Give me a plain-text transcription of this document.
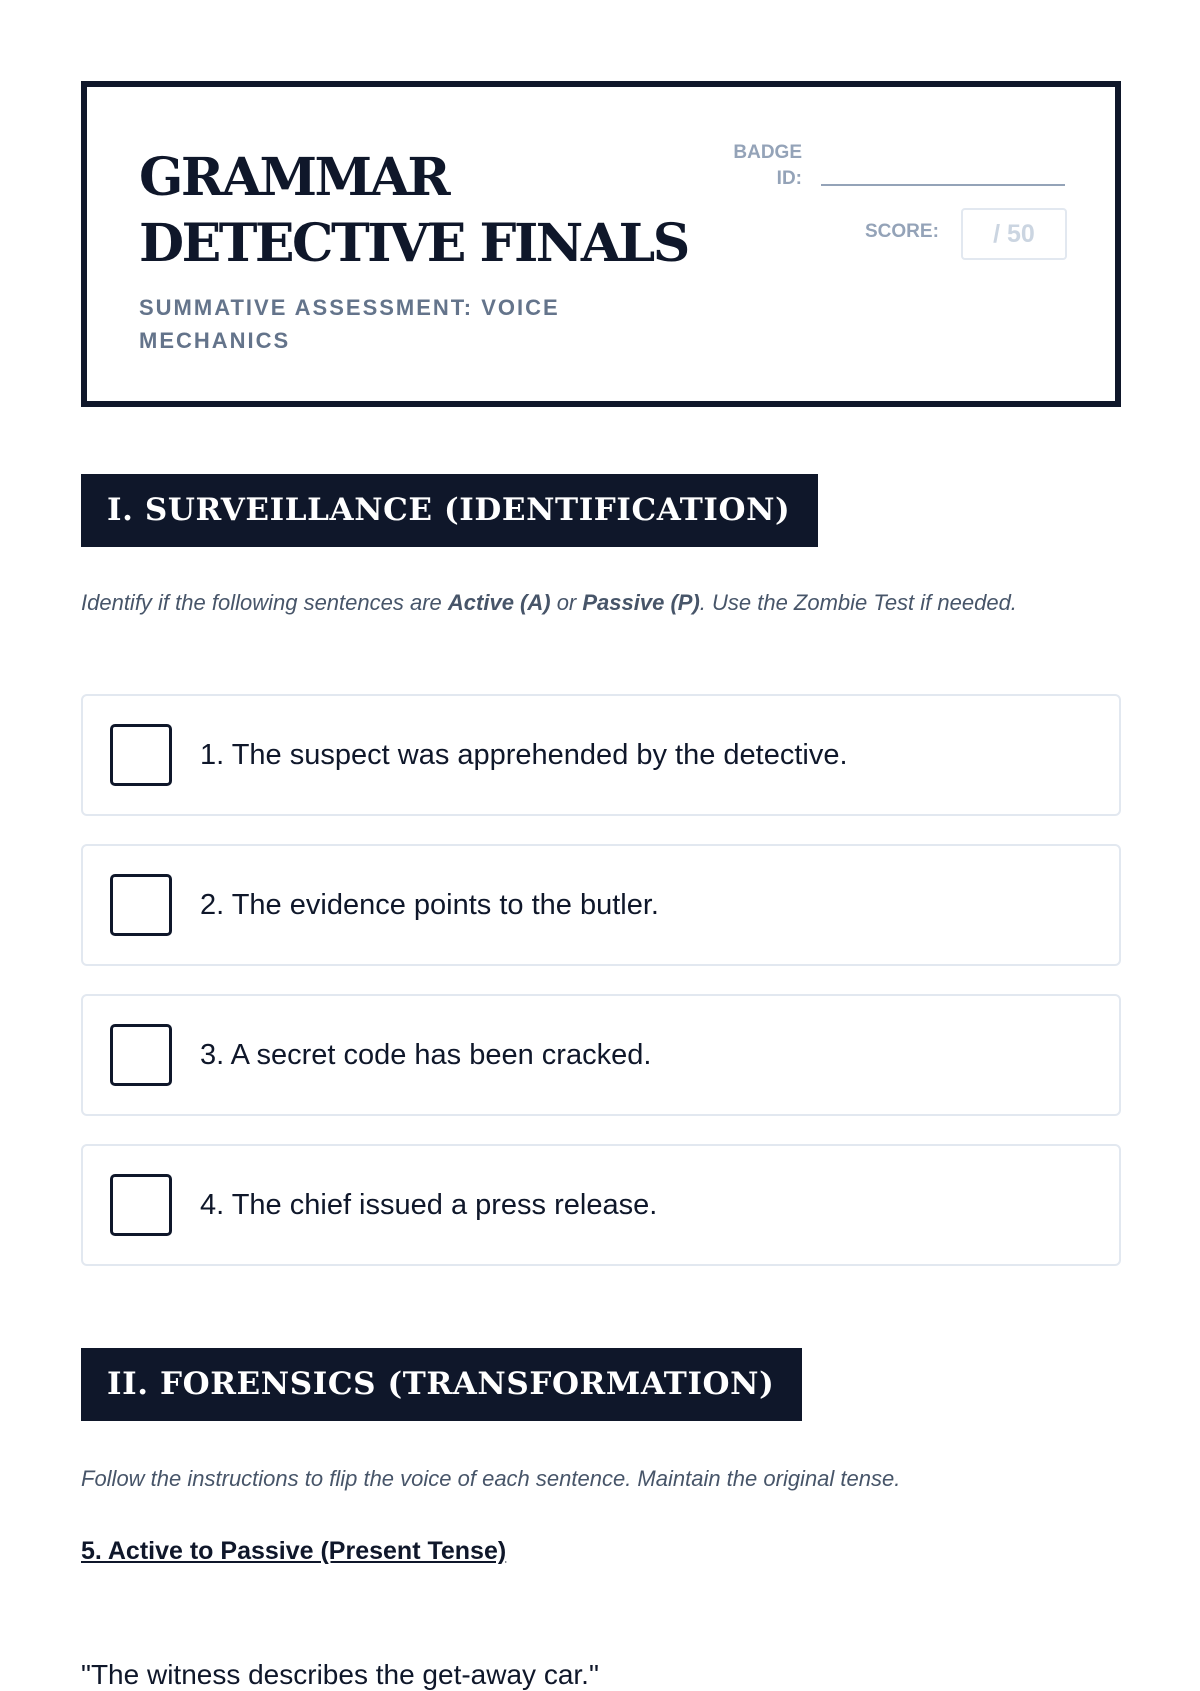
GRAMMAR DETECTIVE FINALS
SUMMATIVE ASSESSMENT: VOICE MECHANICS
BADGE ID:
SCORE:	/ 50
I. SURVEILLANCE (IDENTIFICATION)
Identify if the following sentences are Active (A) or Passive (P). Use the Zombie Test if needed.
1. The suspect was apprehended by the detective.
2. The evidence points to the butler.
3. A secret code has been cracked.
4. The chief issued a press release.
II. FORENSICS (TRANSFORMATION)
Follow the instructions to flip the voice of each sentence. Maintain the original tense.
5. Active to Passive (Present Tense)
"The witness describes the get-away car."
